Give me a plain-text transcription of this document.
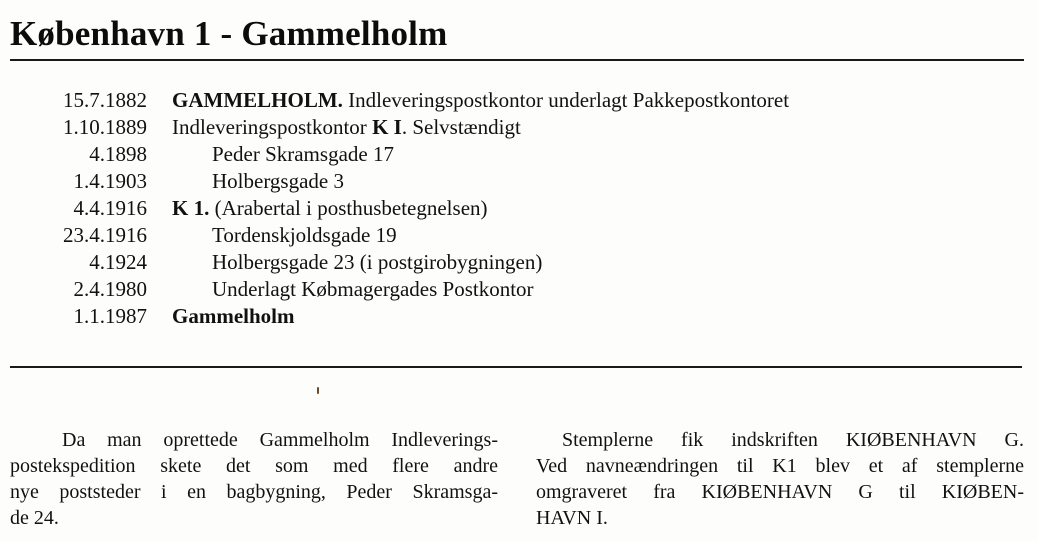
København 1 - Gammelholm
15.7.1882 GAMMELHOLM. Indleveringspostkontor underlagt Pakkepostkontoret
1.10.1889 Indleveringspostkontor K I. Selvstændigt
4.1898	Peder Skramsgade 17
1.4.1903	Holbergsgade 3
4.4.1916 K 1. (Arabertal i posthusbetegnelsen)
23.4.1916	Tordenskjoldsgade 19
4.1924	Holbergsgade 23 (i postgirobygningen)
2.4.1980	Underlagt Købmagergades Postkontor
1.1.1987 Gammelholm
Da man oprettede Gammelholm Indleverings-
postekspedition skete det som med flere andre
nye poststeder i en bagbygning, Peder Skramsga-
de 24.
Stemplerne fik indskriften KIØBENHAVN G.
Ved navneændringen til K1 blev et af stemplerne
omgraveret fra KIØBENHAVN G til KIØBEN-
HAVN I.
